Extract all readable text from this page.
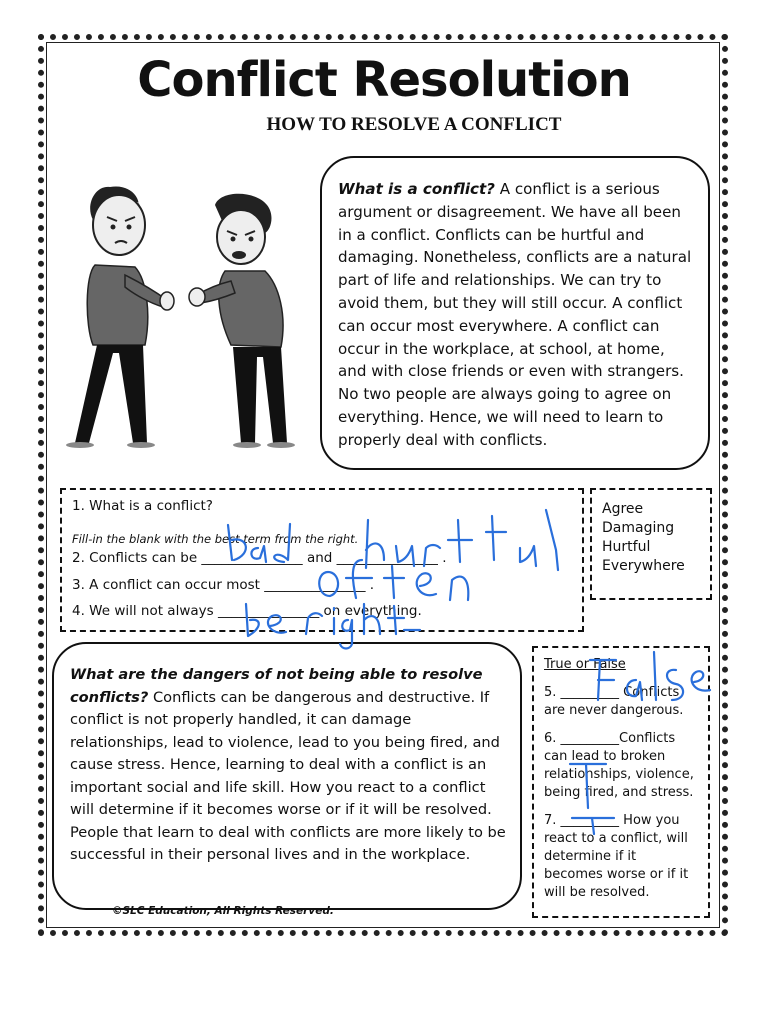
Conflict Resolution
HOW TO RESOLVE A CONFLICT
What is a conflict? A conflict is a serious argument or disagreement. We have all been in a conflict. Conflicts can be hurtful and damaging. Nonetheless, conflicts are a natural part of life and relationships. We can try to avoid them, but they will still occur. A conflict can occur most everywhere. A conflict can occur in the workplace, at school, at home, and with close friends or even with strangers. No two people are always going to agree on everything. Hence, we will need to learn to properly deal with conflicts.
1. What is a conflict?
Fill-in the blank with the best term from the right.
2. Conflicts can be _______________ and _______________ .
3. A conflict can occur most _______________ .
4. We will not always _______________ on everything.
Agree
Damaging
Hurtful
Everywhere
What are the dangers of not being able to resolve conflicts? Conflicts can be dangerous and destructive. If conflict is not properly handled, it can damage relationships, lead to violence, lead to you being fired, and cause stress. Hence, learning to deal with a conflict is an important social and life skill. How you react to a conflict will determine if it becomes worse or if it will be resolved. People that learn to deal with conflicts are more likely to be successful in their personal lives and in the workplace.
True or False

5. _________ Conflicts are never dangerous.

6. _________Conflicts can lead to broken relationships, violence, being fired, and stress.

7. _________ How you react to a conflict, will determine if it becomes worse or if it will be resolved.

©SLC Education, All Rights Reserved.
